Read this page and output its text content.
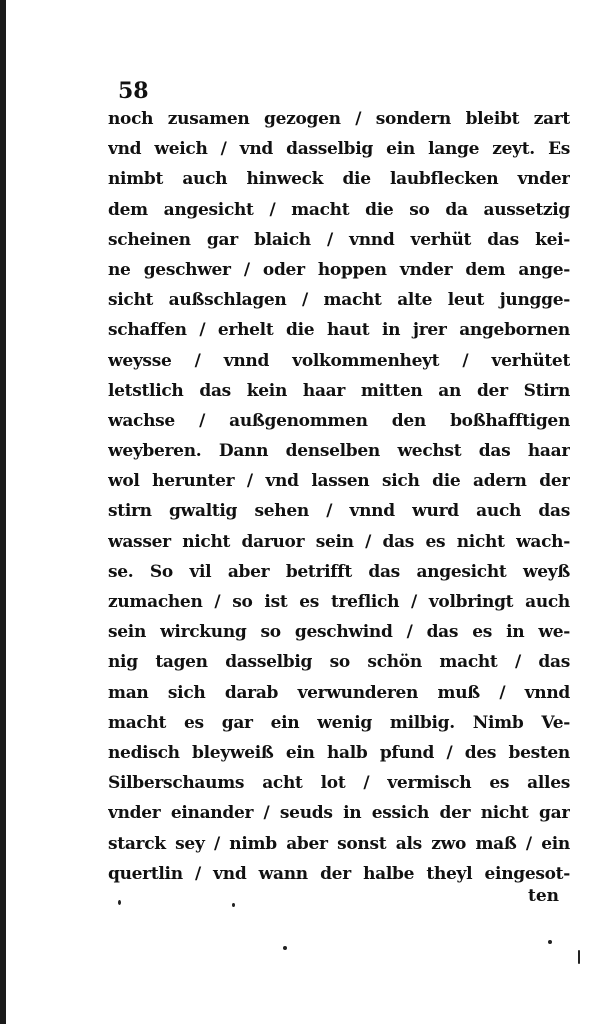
58
noch zusamen gezogen / sondern bleibt zart
vnd weich / vnd dasselbig ein lange zeyt. Es
nimbt auch hinweck die laubflecken vnder
dem angesicht / macht die so da aussetzig
scheinen gar blaich / vnnd verhüt das kei-
ne geschwer / oder hoppen vnder dem ange-
sicht außschlagen / macht alte leut jungge-
schaffen / erhelt die haut in jrer angebornen
weysse / vnnd volkommenheyt / verhütet
letstlich das kein haar mitten an der Stirn
wachse / außgenommen den boßhafftigen
weyberen. Dann denselben wechst das haar
wol herunter / vnd lassen sich die adern der
stirn gwaltig sehen / vnnd wurd auch das
wasser nicht daruor sein / das es nicht wach-
se. So vil aber betrifft das angesicht weyß
zumachen / so ist es treflich / volbringt auch
sein wirckung so geschwind / das es in we-
nig tagen dasselbig so schön macht / das
man sich darab verwunderen muß / vnnd
macht es gar ein wenig milbig. Nimb Ve-
nedisch bleyweiß ein halb pfund / des besten
Silberschaums acht lot / vermisch es alles
vnder einander / seuds in essich der nicht gar
starck sey / nimb aber sonst als zwo maß / ein
quertlin / vnd wann der halbe theyl eingesot-
ten
